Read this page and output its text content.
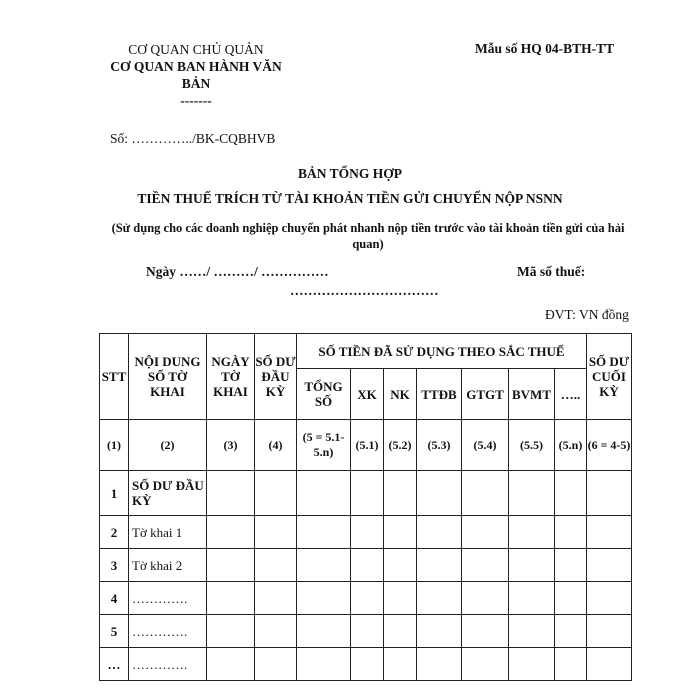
CƠ QUAN CHỦ QUẢN
CƠ QUAN BAN HÀNH VĂN BẢN
-------
Mẫu số HQ 04-BTH-TT
Số: …………../BK-CQBHVB
BẢN TỔNG HỢP
TIỀN THUẾ TRÍCH TỪ TÀI KHOẢN TIỀN GỬI CHUYỂN NỘP NSNN
(Sử dụng cho các doanh nghiệp chuyển phát nhanh nộp tiền trước vào tài khoản tiền gửi của hải quan)
Ngày ……/ ………/ ……………	Mã số thuế:
……………………………
ĐVT: VN đồng
STT	NỘI DUNG SỐ TỜ KHAI	NGÀY TỜ KHAI	SỐ DƯ ĐẦU KỲ	SỐ TIỀN ĐÃ SỬ DỤNG THEO SẮC THUẾ							SỐ DƯ CUỐI KỲ
				TỔNG SỐ	XK	NK	TTĐB	GTGT	BVMT	…..	
(1)	(2)	(3)	(4)	(5 = 5.1-5.n)	(5.1)	(5.2)	(5.3)	(5.4)	(5.5)	(5.n)	(6 = 4-5)
1	SỐ DƯ ĐẦU KỲ										
2	Tờ khai 1										
3	Tờ khai 2										
4	………….										
5	………….										
…	………….										
